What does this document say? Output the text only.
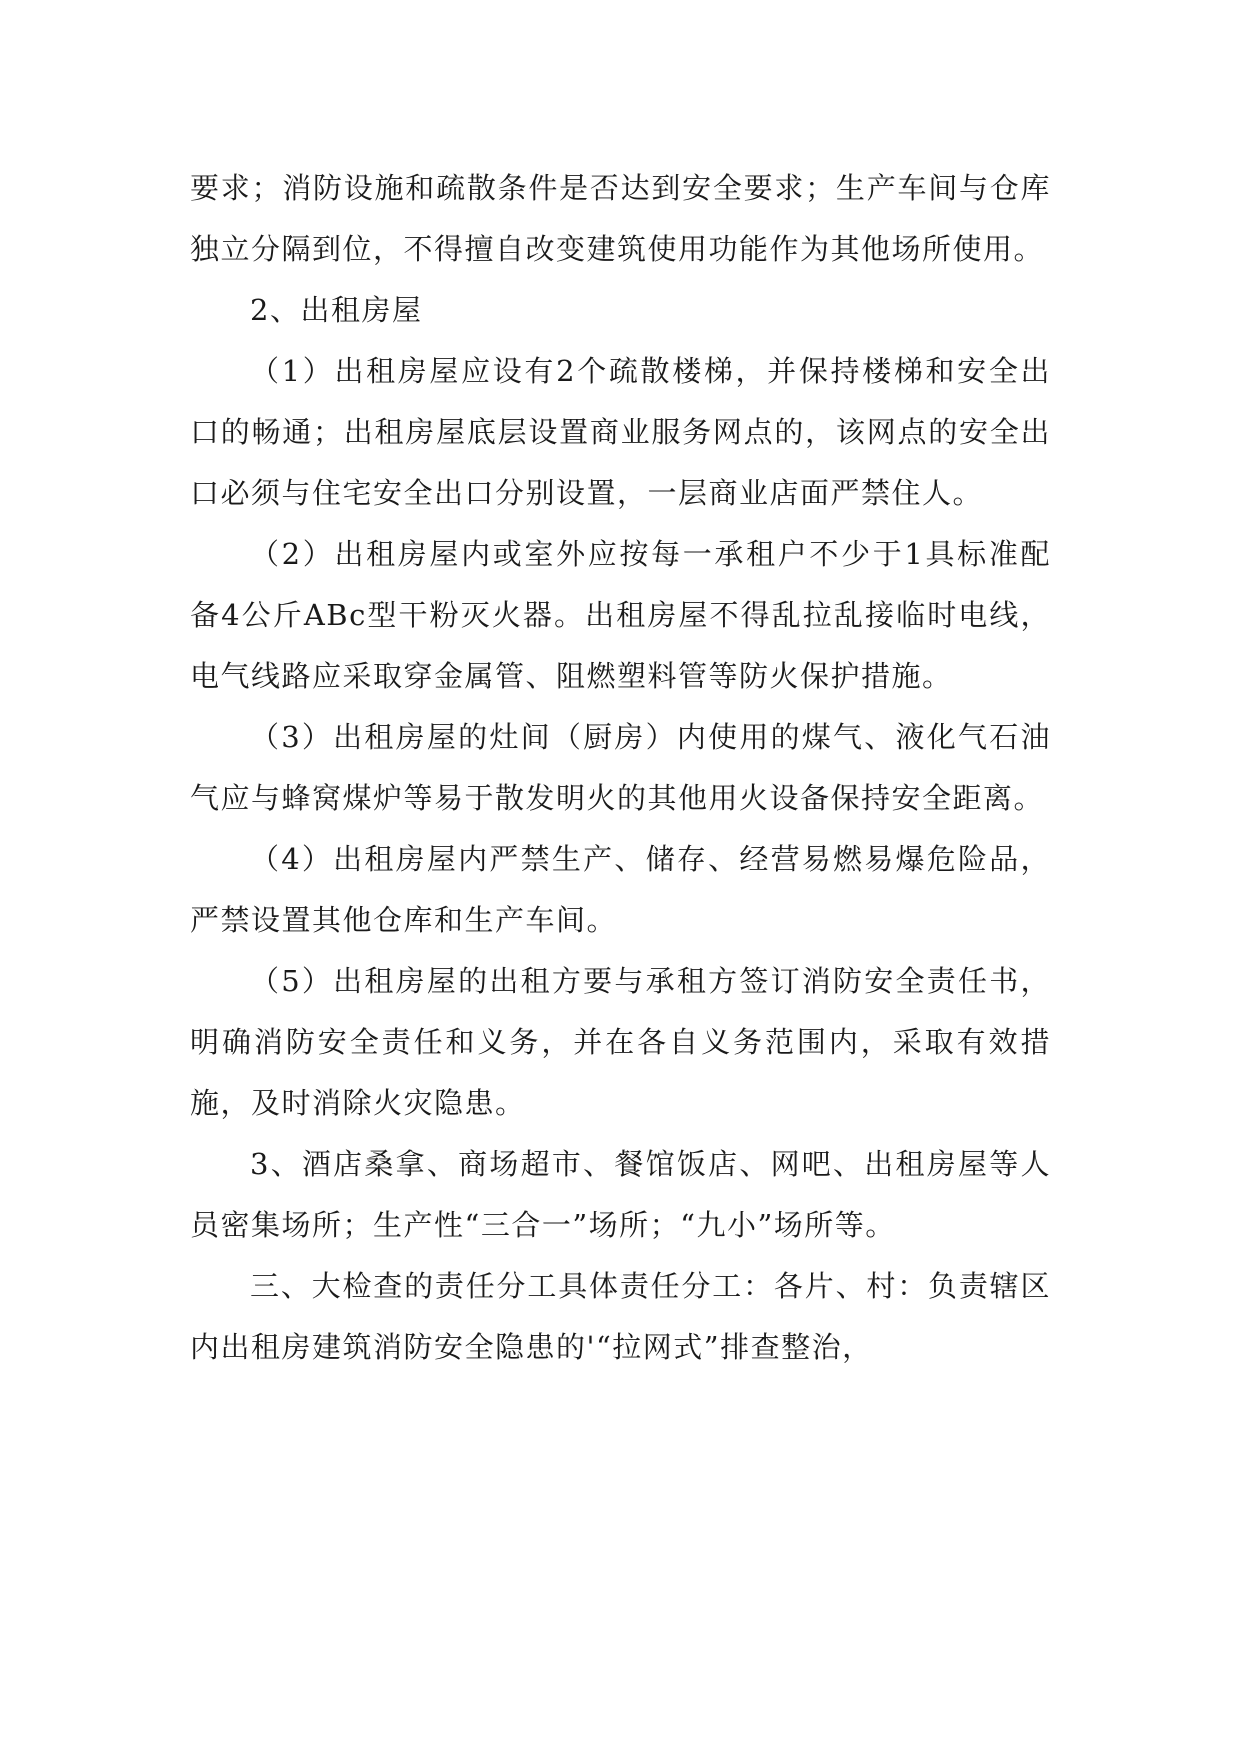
要求；消防设施和疏散条件是否达到安全要求；生产车间与仓库独立分隔到位，不得擅自改变建筑使用功能作为其他场所使用。

2、出租房屋

（1）出租房屋应设有2个疏散楼梯，并保持楼梯和安全出口的畅通；出租房屋底层设置商业服务网点的，该网点的安全出口必须与住宅安全出口分别设置，一层商业店面严禁住人。

（2）出租房屋内或室外应按每一承租户不少于1具标准配备4公斤ABc型干粉灭火器。出租房屋不得乱拉乱接临时电线，电气线路应采取穿金属管、阻燃塑料管等防火保护措施。

（3）出租房屋的灶间（厨房）内使用的煤气、液化气石油气应与蜂窝煤炉等易于散发明火的其他用火设备保持安全距离。

（4）出租房屋内严禁生产、储存、经营易燃易爆危险品，严禁设置其他仓库和生产车间。

（5）出租房屋的出租方要与承租方签订消防安全责任书，明确消防安全责任和义务，并在各自义务范围内，采取有效措施，及时消除火灾隐患。

3、酒店桑拿、商场超市、餐馆饭店、网吧、出租房屋等人员密集场所；生产性“三合一”场所；“九小”场所等。

三、大检查的责任分工具体责任分工：各片、村：负责辖区内出租房建筑消防安全隐患的'“拉网式”排查整治，
